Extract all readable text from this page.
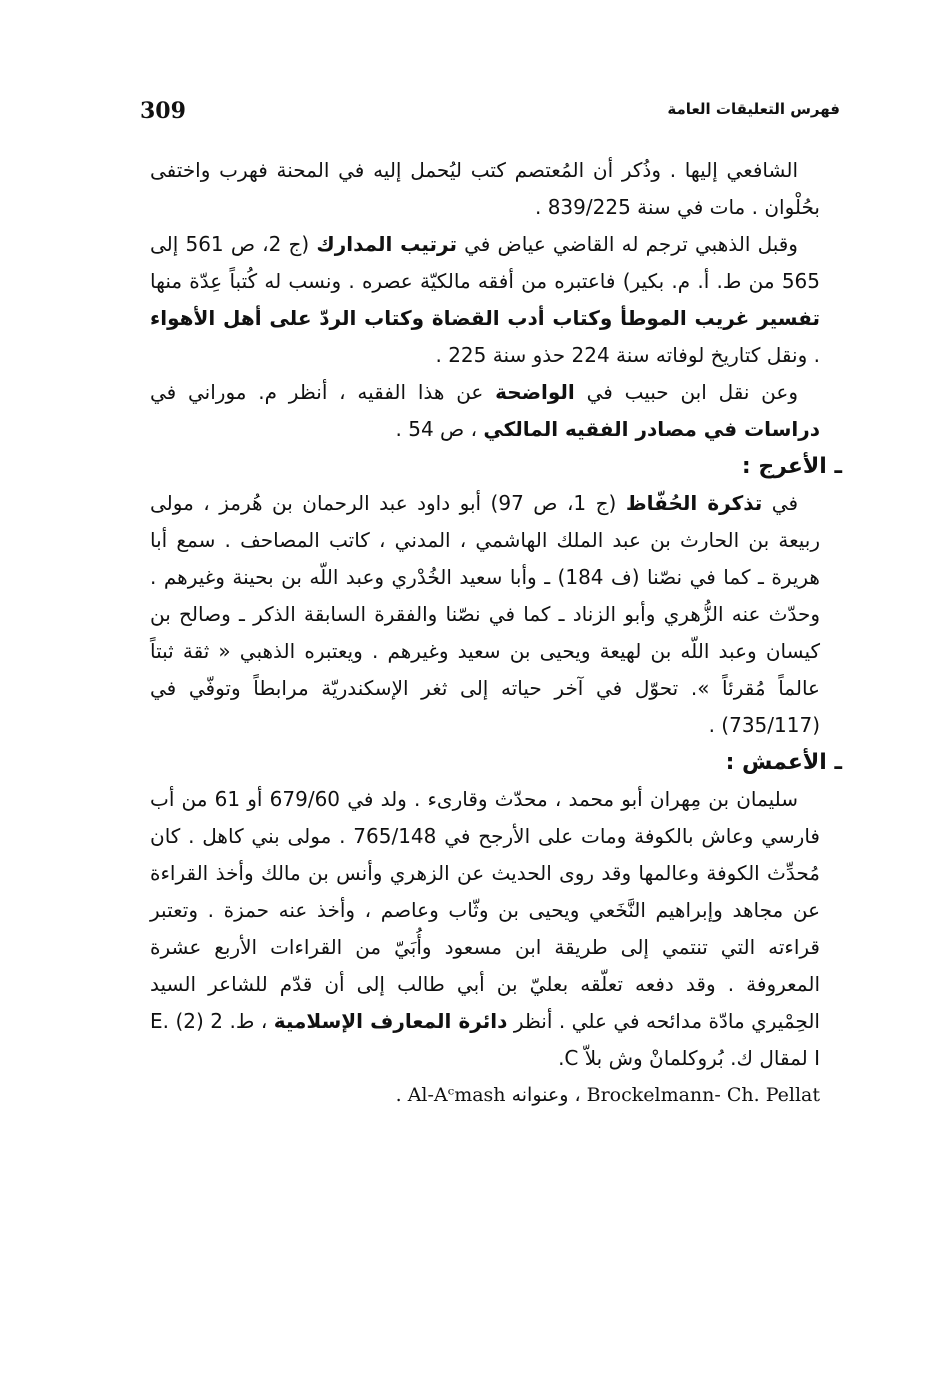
309	فهرس التعليقات العامة

الشافعي إليها . وذُكر أن المُعتصم كتب ليُحمل إليه في المحنة فهرب واختفى بحُلْوان . مات في سنة 839/225 .

وقبل الذهبي ترجم له القاضي عياض في ترتيب المدارك (ج 2، ص 561 إلى 565 من ط. أ. م. بكير) فاعتبره من أفقه مالكيّة عصره . ونسب له كُتباً عِدّة منها تفسير غريب الموطأ وكتاب أدب القضاة وكتاب الردّ على أهل الأهواء . ونقل كتاريخ لوفاته سنة 224 حذو سنة 225 .

وعن نقل ابن حبيب في الواضحة عن هذا الفقيه ، أنظر م. موراني في دراسات في مصادر الفقيه المالكي ، ص 54 .

ـ الأعرج :

في تذكرة الحُفّاظ (ج 1، ص 97) أبو داود عبد الرحمان بن هُرمز ، مولى ربيعة بن الحارث بن عبد الملك الهاشمي ، المدني ، كاتب المصاحف . سمع أبا هريرة ـ كما في نصّنا (ف 184) ـ وأبا سعيد الخُدْري وعبد اللّه بن بحينة وغيرهم . وحدّث عنه الزُّهري وأبو الزناد ـ كما في نصّنا والفقرة السابقة الذكر ـ وصالح بن كيسان وعبد اللّه بن لهيعة ويحيى بن سعيد وغيرهم . ويعتبره الذهبي « ثقة ثبتاً عالماً مُقرئاً ». تحوّل في آخر حياته إلى ثغر الإسكندريّة مرابطاً وتوفّي في (735/117) .

ـ الأعمش :

سليمان بن مِهران أبو محمد ، محدّث وقارىء . ولد في 679/60 أو 61 من أب فارسي وعاش بالكوفة ومات على الأرجح في 765/148 . مولى بني كاهل . كان مُحدِّث الكوفة وعالمها وقد روى الحديث عن الزهري وأنس بن مالك وأخذ القراءة عن مجاهد وإبراهيم النَّخَعي ويحيى بن وثّاب وعاصم ، وأخذ عنه حمزة . وتعتبر قراءته التي تنتمي إلى طريقة ابن مسعود وأُبَيّ من القراءات الأربع عشرة المعروفة . وقد دفعه تعلّقه بعليّ بن أبي طالب إلى أن قدّم للشاعر السيد الحِمْيري مادّة مدائحه في علي . أنظر دائرة المعارف الإسلامية ، ط. 2 (2) E. I لمقال ك. بُروكلمانْ وش بلاّ C.

. Al-Aᶜmash وعنوانه ، Brockelmann- Ch. Pellat
